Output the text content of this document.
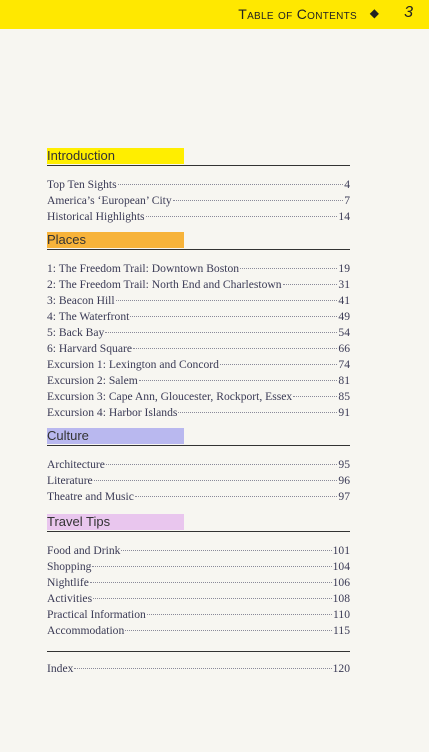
Table of Contents ◆ 3
Introduction
Top Ten Sights	4
America’s ‘European’ City	7
Historical Highlights	14
Places
1: The Freedom Trail: Downtown Boston	19
2: The Freedom Trail: North End and Charlestown	31
3: Beacon Hill	41
4: The Waterfront	49
5: Back Bay	54
6: Harvard Square	66
Excursion 1: Lexington and Concord	74
Excursion 2: Salem	81
Excursion 3: Cape Ann, Gloucester, Rockport, Essex	85
Excursion 4: Harbor Islands	91
Culture
Architecture	95
Literature	96
Theatre and Music	97
Travel Tips
Food and Drink	101
Shopping	104
Nightlife	106
Activities	108
Practical Information	110
Accommodation	115
Index	120
